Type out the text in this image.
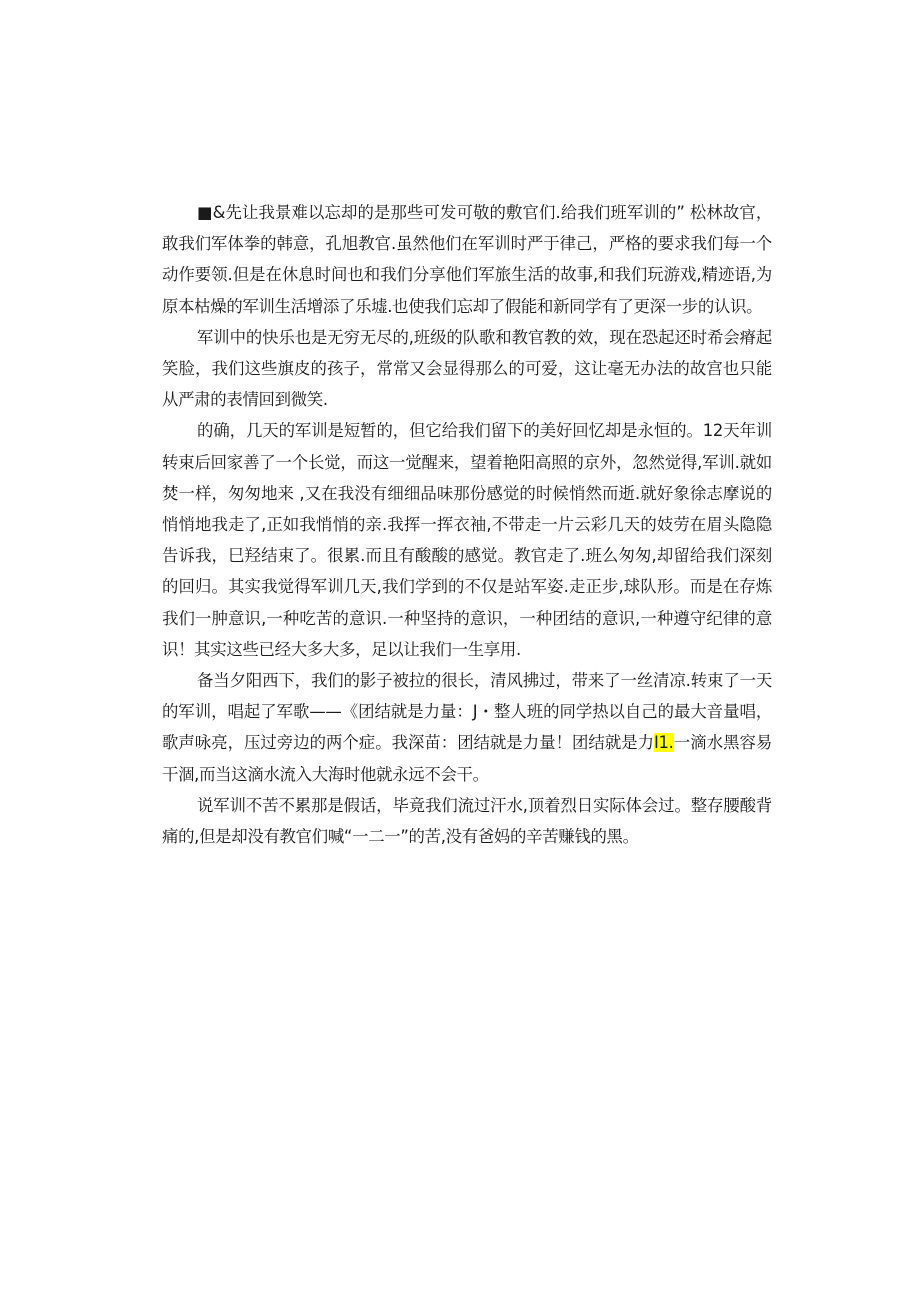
■&先让我景难以忘却的是那些可发可敬的敷官们.给我们班军训的” 松林故官，敢我们军体拳的韩意，孔旭教官.虽然他们在军训时严于律己，严格的要求我们每一个动作要领.但是在休息时间也和我们分享他们军旅生活的故事,和我们玩游戏,精迹语,为原本枯燥的军训生活增添了乐墟.也使我们忘却了假能和新同学有了更深一步的认识。

军训中的快乐也是无穷无尽的,班级的队歌和教官教的效，现在恐起还时希会瘠起笑脸，我们这些旗皮的孩子，常常又会显得那么的可爱，这让毫无办法的故宫也只能从严肃的表情回到微笑.

的确，几天的军训是短暂的，但它给我们留下的美好回忆却是永恒的。12天年训转束后回家善了一个长觉，而这一觉醒来，望着艳阳高照的京外，忽然觉得,军训.就如焚一样，匆匆地来 ,又在我没有细细品味那份感觉的时候悄然而逝.就好象徐志摩说的悄悄地我走了,正如我悄悄的亲.我挥一挥衣袖,不带走一片云彩几天的妓劳在眉头隐隐告诉我，巳羟结束了。很累.而且有酸酸的感觉。教官走了.班么匆匆,却留给我们深刻的回归。其实我觉得军训几天,我们学到的不仅是站军姿.走正步,球队形。而是在存炼我们一肿意识,一种吃苦的意识.一种坚持的意识，一种团结的意识,一种遵守纪律的意识！其实这些已经大多大多，足以让我们一生享用.

备当夕阳西下，我们的影子被拉的很长，清风拂过，带来了一丝清凉.转束了一天的军训，唱起了军歌——《团结就是力量：J・整人班的同学热以自己的最大音量唱，歌声咏亮，压过旁边的两个症。我深苗：团结就是力量！团结就是力I1.一滴水黑容易干涸,而当这滴水流入大海时他就永远不会干。

说军训不苦不累那是假话，毕竟我们流过汗水,顶着烈日实际体会过。整存腰酸背痛的,但是却没有教官们喊“一二一”的苦,没有爸妈的辛苦赚钱的黑。
